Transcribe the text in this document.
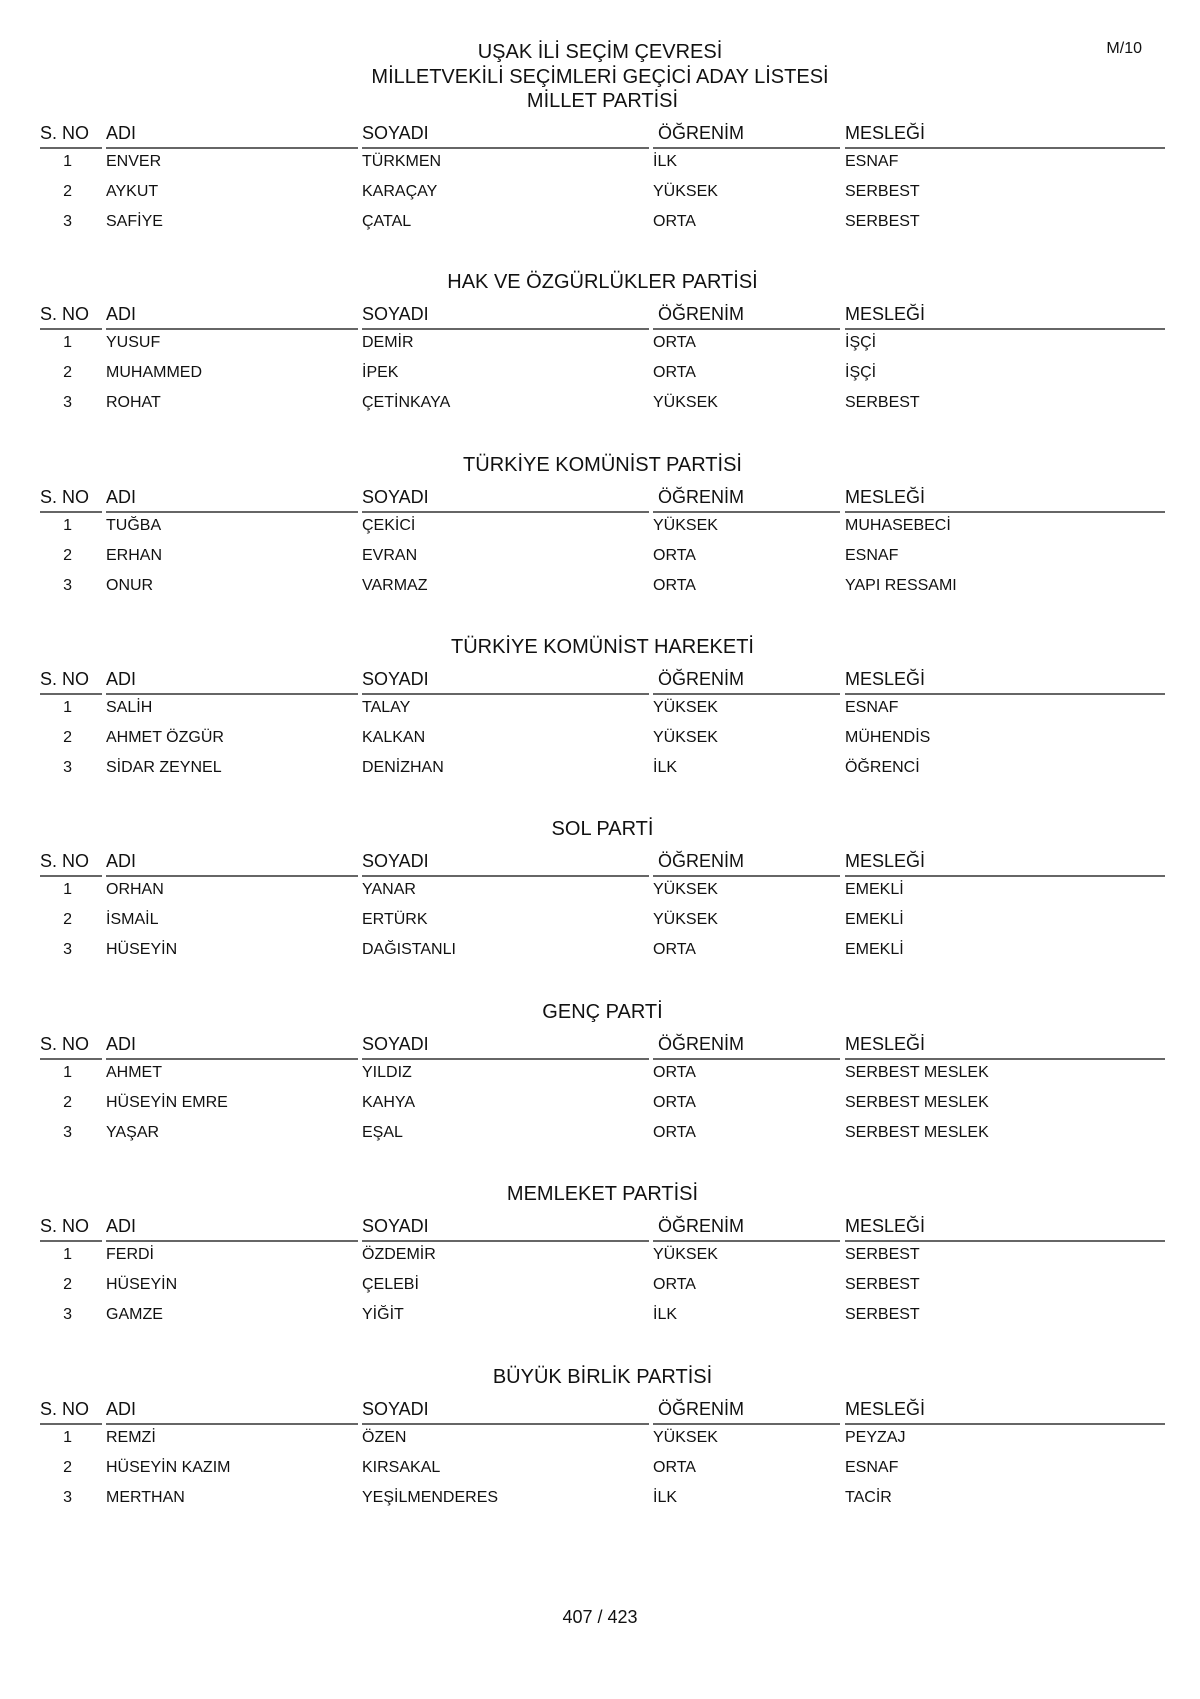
UŞAK İLİ SEÇİM ÇEVRESİ
MİLLETVEKİLİ SEÇİMLERİ GEÇİCİ ADAY LİSTESİ
M/10
MİLLET PARTİSİ
S. NO ADI	SOYADI	ÖĞRENİM	MESLEĞİ
1 ENVER	TÜRKMEN	İLK	ESNAF
2 AYKUT	KARAÇAY	YÜKSEK	SERBEST
3 SAFİYE	ÇATAL	ORTA	SERBEST
HAK VE ÖZGÜRLÜKLER PARTİSİ
S. NO ADI	SOYADI	ÖĞRENİM	MESLEĞİ
1 YUSUF	DEMİR	ORTA	İŞÇİ
2 MUHAMMED	İPEK	ORTA	İŞÇİ
3 ROHAT	ÇETİNKAYA	YÜKSEK	SERBEST
TÜRKİYE KOMÜNİST PARTİSİ
S. NO ADI	SOYADI	ÖĞRENİM	MESLEĞİ
1 TUĞBA	ÇEKİCİ	YÜKSEK	MUHASEBECİ
2 ERHAN	EVRAN	ORTA	ESNAF
3 ONUR	VARMAZ	ORTA	YAPI RESSAMI
TÜRKİYE KOMÜNİST HAREKETİ
S. NO ADI	SOYADI	ÖĞRENİM	MESLEĞİ
1 SALİH	TALAY	YÜKSEK	ESNAF
2 AHMET ÖZGÜR	KALKAN	YÜKSEK	MÜHENDİS
3 SİDAR ZEYNEL	DENİZHAN	İLK	ÖĞRENCİ
SOL PARTİ
S. NO ADI	SOYADI	ÖĞRENİM	MESLEĞİ
1 ORHAN	YANAR	YÜKSEK	EMEKLİ
2 İSMAİL	ERTÜRK	YÜKSEK	EMEKLİ
3 HÜSEYİN	DAĞISTANLI	ORTA	EMEKLİ
GENÇ PARTİ
S. NO ADI	SOYADI	ÖĞRENİM	MESLEĞİ
1 AHMET	YILDIZ	ORTA	SERBEST MESLEK
2 HÜSEYİN EMRE	KAHYA	ORTA	SERBEST MESLEK
3 YAŞAR	EŞAL	ORTA	SERBEST MESLEK
MEMLEKET PARTİSİ
S. NO ADI	SOYADI	ÖĞRENİM	MESLEĞİ
1 FERDİ	ÖZDEMİR	YÜKSEK	SERBEST
2 HÜSEYİN	ÇELEBİ	ORTA	SERBEST
3 GAMZE	YİĞİT	İLK	SERBEST
BÜYÜK BİRLİK PARTİSİ
S. NO ADI	SOYADI	ÖĞRENİM	MESLEĞİ
1 REMZİ	ÖZEN	YÜKSEK	PEYZAJ
2 HÜSEYİN KAZIM	KIRSAKAL	ORTA	ESNAF
3 MERTHAN	YEŞİLMENDERES	İLK	TACİR
407 / 423
